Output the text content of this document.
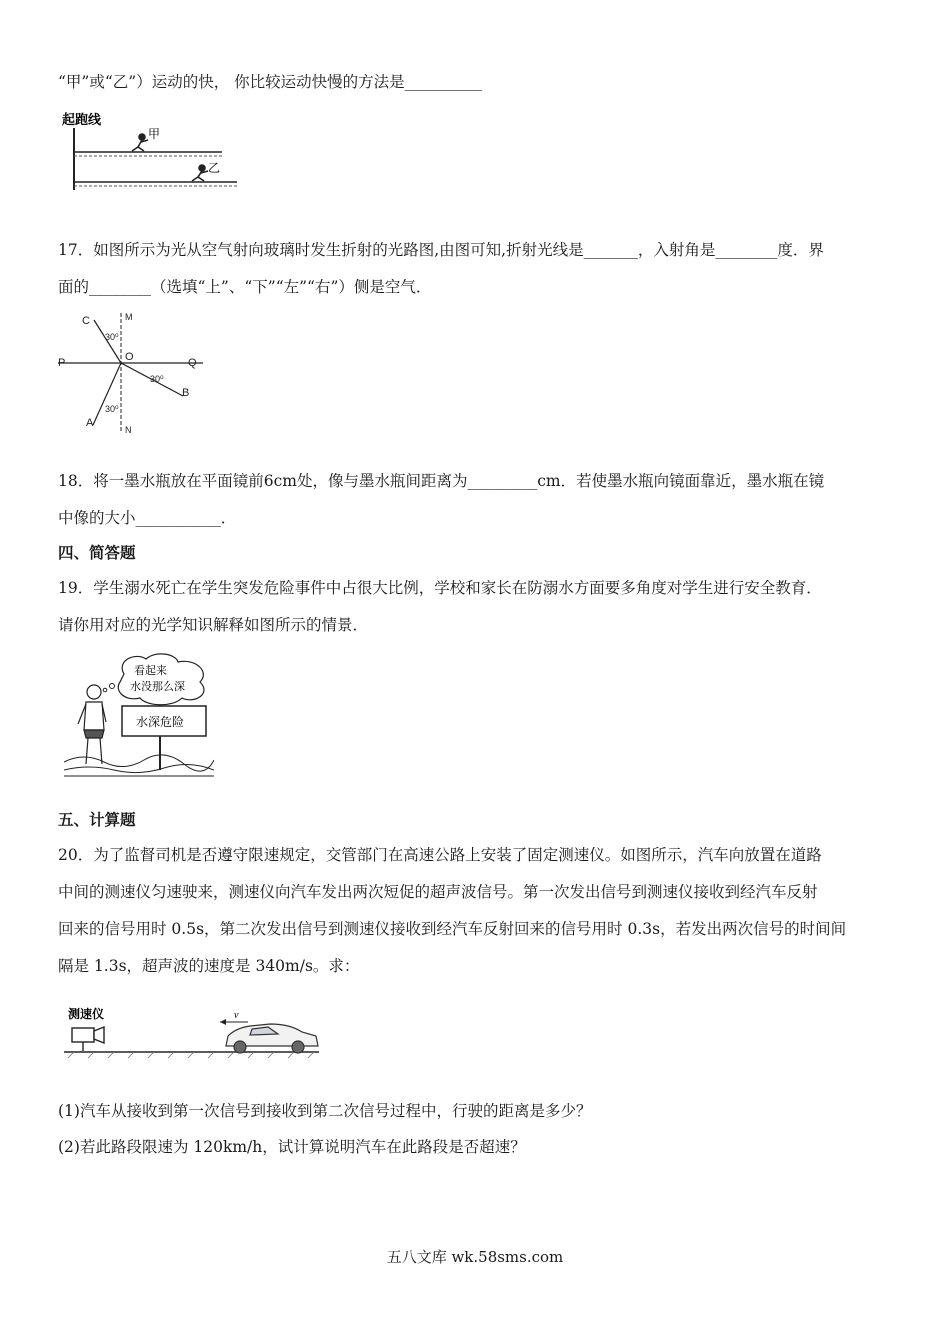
“甲”或“乙”）运动的快， 你比较运动快慢的方法是__________
起跑线
甲
乙
17．如图所示为光从空气射向玻璃时发生折射的光路图,由图可知,折射光线是_______，入射角是________度．界
面的________（选填“上”、“下”“左”“右”）侧是空气．
C	M
30⁰
P	O	Q
30⁰
B
30⁰
A
N
18．将一墨水瓶放在平面镜前6cm处，像与墨水瓶间距离为_________cm．若使墨水瓶向镜面靠近，墨水瓶在镜
中像的大小___________．
四、简答题
19．学生溺水死亡在学生突发危险事件中占很大比例，学校和家长在防溺水方面要多角度对学生进行安全教育．
请你用对应的光学知识解释如图所示的情景．
看起来
水没那么深
水深危险
五、计算题
20．为了监督司机是否遵守限速规定，交管部门在高速公路上安装了固定测速仪。如图所示，汽车向放置在道路
中间的测速仪匀速驶来，测速仪向汽车发出两次短促的超声波信号。第一次发出信号到测速仪接收到经汽车反射
回来的信号用时 0.5s，第二次发出信号到测速仪接收到经汽车反射回来的信号用时 0.3s，若发出两次信号的时间间
隔是 1.3s，超声波的速度是 340m/s。求：
测速仪	v
(1)汽车从接收到第一次信号到接收到第二次信号过程中，行驶的距离是多少？
(2)若此路段限速为 120km/h，试计算说明汽车在此路段是否超速？
五八文库 wk.58sms.com
